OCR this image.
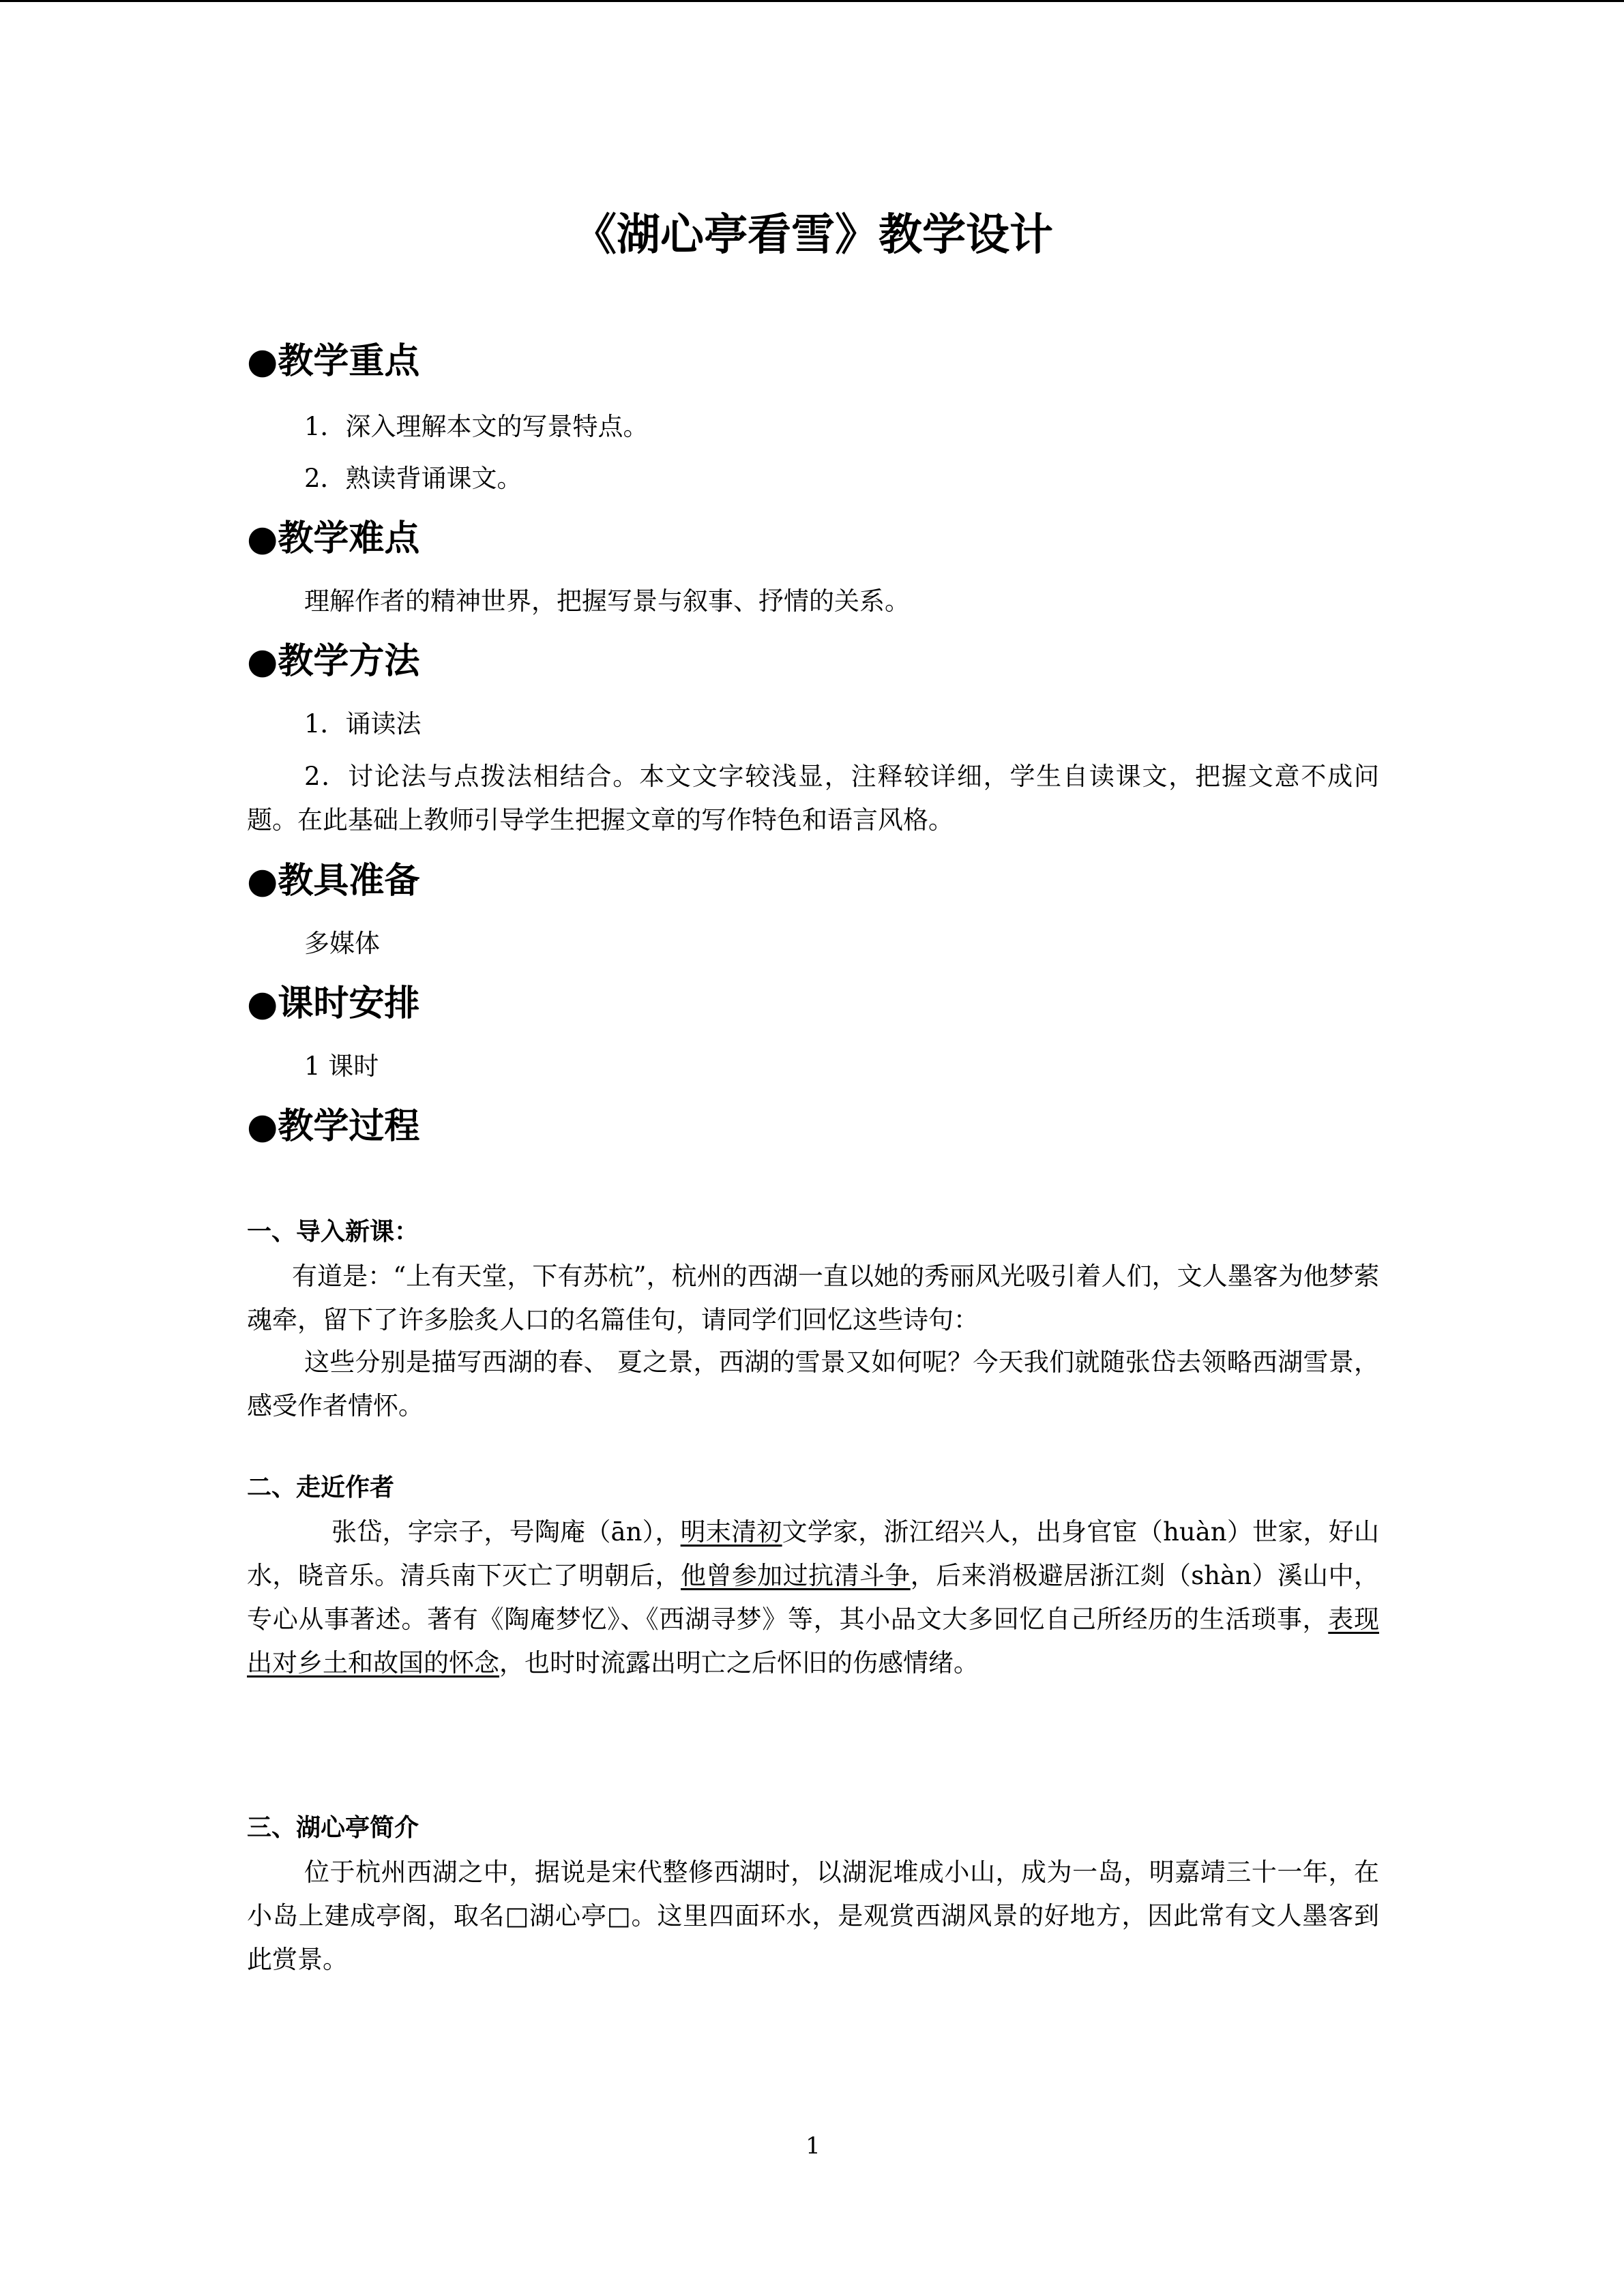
《湖心亭看雪》教学设计
●教学重点

1．深入理解本文的写景特点。

2．熟读背诵课文。

●教学难点

理解作者的精神世界，把握写景与叙事、抒情的关系。

●教学方法

1．诵读法

2．讨论法与点拨法相结合。本文文字较浅显，注释较详细，学生自读课文，把握文意不成问题。在此基础上教师引导学生把握文章的写作特色和语言风格。

●教具准备

多媒体

●课时安排

1 课时

●教学过程
一、导入新课：

有道是：“上有天堂，下有苏杭”，杭州的西湖一直以她的秀丽风光吸引着人们，文人墨客为他梦萦魂牵，留下了许多脍炙人口的名篇佳句，请同学们回忆这些诗句：

这些分别是描写西湖的春、 夏之景，西湖的雪景又如何呢？今天我们就随张岱去领略西湖雪景，感受作者情怀。

二、走近作者

张岱，字宗子，号陶庵（ān），明末清初文学家，浙江绍兴人，出身官宦（huàn）世家，好山水，晓音乐。清兵南下灭亡了明朝后，他曾参加过抗清斗争，后来消极避居浙江剡（shàn）溪山中，专心从事著述。著有《陶庵梦忆》、《西湖寻梦》等，其小品文大多回忆自己所经历的生活琐事，表现出对乡土和故国的怀念，也时时流露出明亡之后怀旧的伤感情绪。

三、湖心亭简介

位于杭州西湖之中，据说是宋代整修西湖时，以湖泥堆成小山，成为一岛，明嘉靖三十一年，在小岛上建成亭阁，取名□湖心亭□。这里四面环水，是观赏西湖风景的好地方，因此常有文人墨客到此赏景。

1
